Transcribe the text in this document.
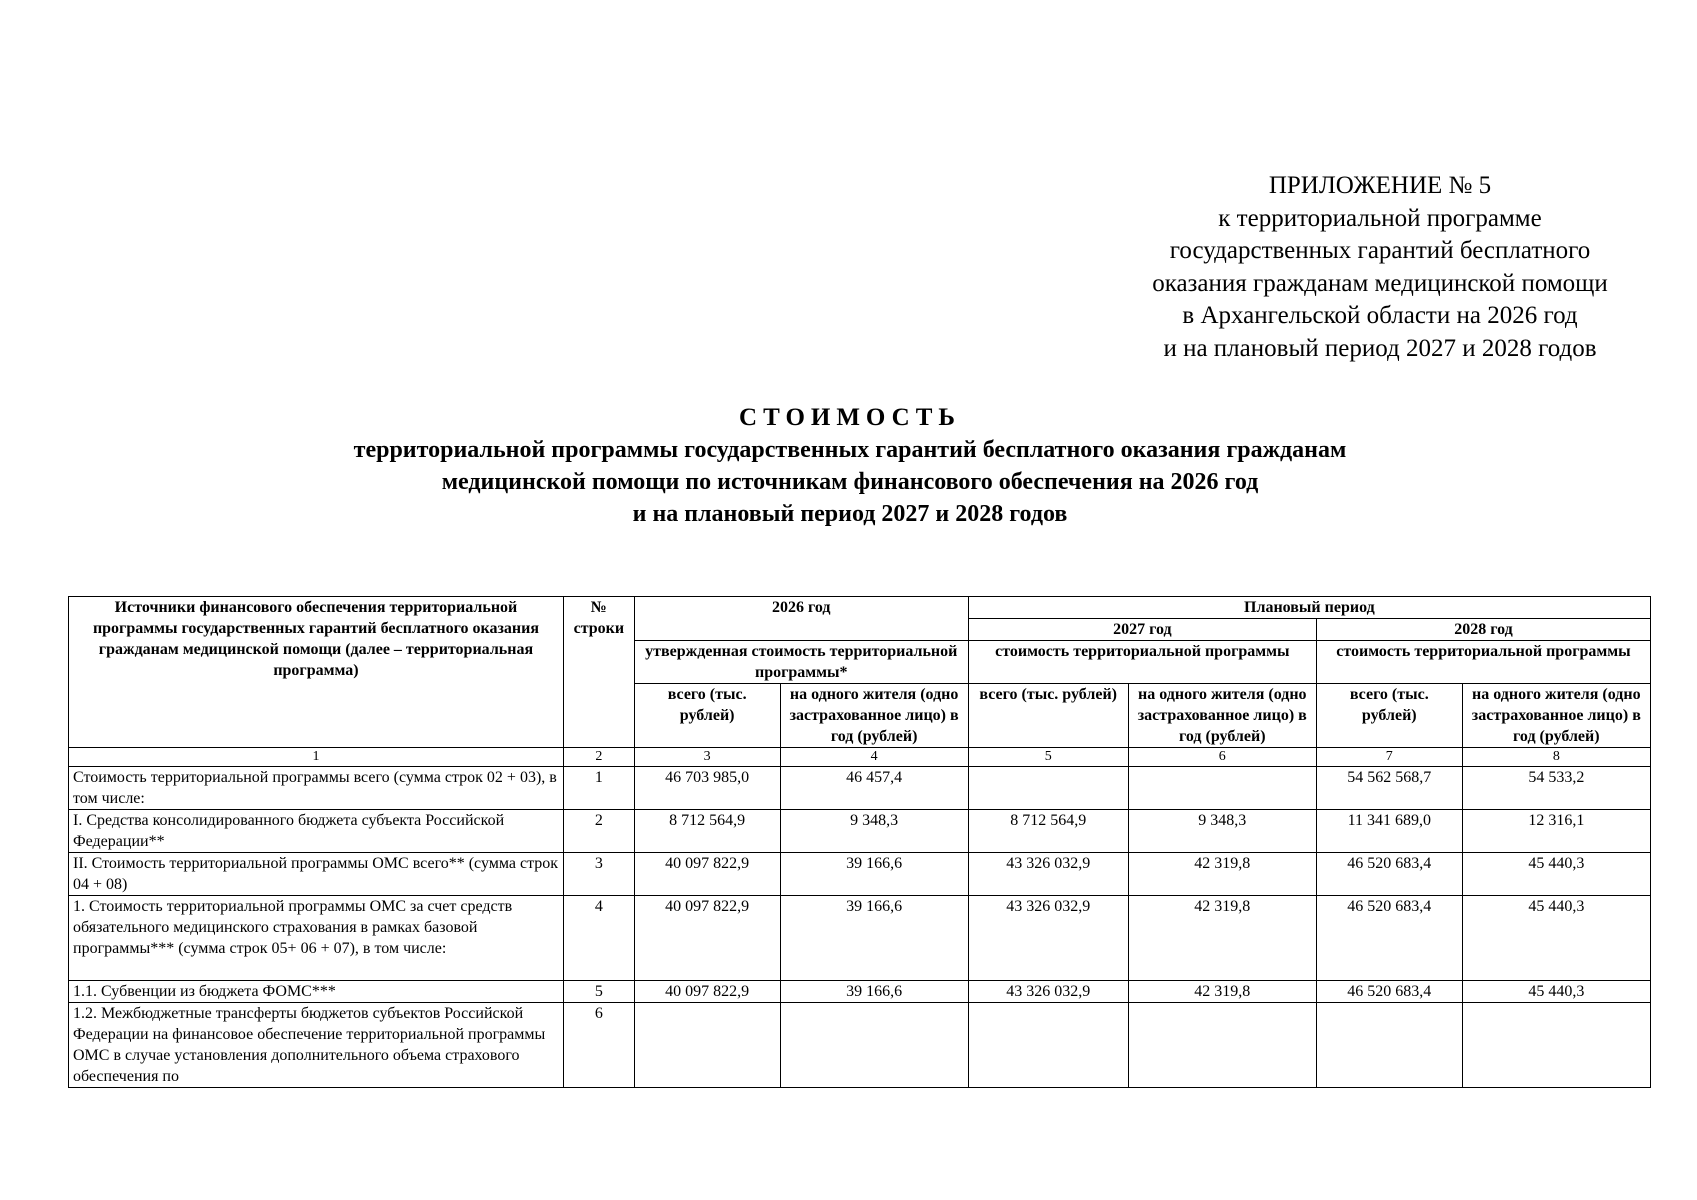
ПРИЛОЖЕНИЕ № 5
к территориальной программе
государственных гарантий бесплатного
оказания гражданам медицинской помощи
в Архангельской области на 2026 год
и на плановый период 2027 и 2028 годов
СТОИМОСТЬ
территориальной программы государственных гарантий бесплатного оказания гражданам
медицинской помощи по источникам финансового обеспечения на 2026 год
и на плановый период 2027 и 2028 годов
Источники финансового обеспечения территориальной программы государственных гарантий бесплатного оказания гражданам медицинской помощи (далее – территориальная программа)	№ строки	2026 год		Плановый период			
				2027 год		2028 год	
		утвержденная стоимость территориальной программы*		стоимость территориальной программы		стоимость территориальной программы	
		всего (тыс. рублей)	на одного жителя (одно застрахованное лицо) в год (рублей)	всего (тыс. рублей)	на одного жителя (одно застрахованное лицо) в год (рублей)	всего (тыс. рублей)	на одного жителя (одно застрахованное лицо) в год (рублей)
1	2	3	4	5	6	7	8
Стоимость территориальной программы всего (сумма строк 02 + 03), в том числе:	1	46 703 985,0	46 457,4			54 562 568,7	54 533,2
I. Средства консолидированного бюджета субъекта Российской Федерации**	2	8 712 564,9	9 348,3	8 712 564,9	9 348,3	11 341 689,0	12 316,1
II. Стоимость территориальной программы ОМС всего** (сумма строк 04 + 08)	3	40 097 822,9	39 166,6	43 326 032,9	42 319,8	46 520 683,4	45 440,3
1. Стоимость территориальной программы ОМС за счет средств обязательного медицинского страхования в рамках базовой программы*** (сумма строк 05+ 06 + 07), в том числе:	4	40 097 822,9	39 166,6	43 326 032,9	42 319,8	46 520 683,4	45 440,3
1.1. Субвенции из бюджета ФОМС***	5	40 097 822,9	39 166,6	43 326 032,9	42 319,8	46 520 683,4	45 440,3
1.2. Межбюджетные трансферты бюджетов субъектов Российской Федерации на финансовое обеспечение территориальной программы ОМС в случае установления дополнительного объема страхового обеспечения по	6						
